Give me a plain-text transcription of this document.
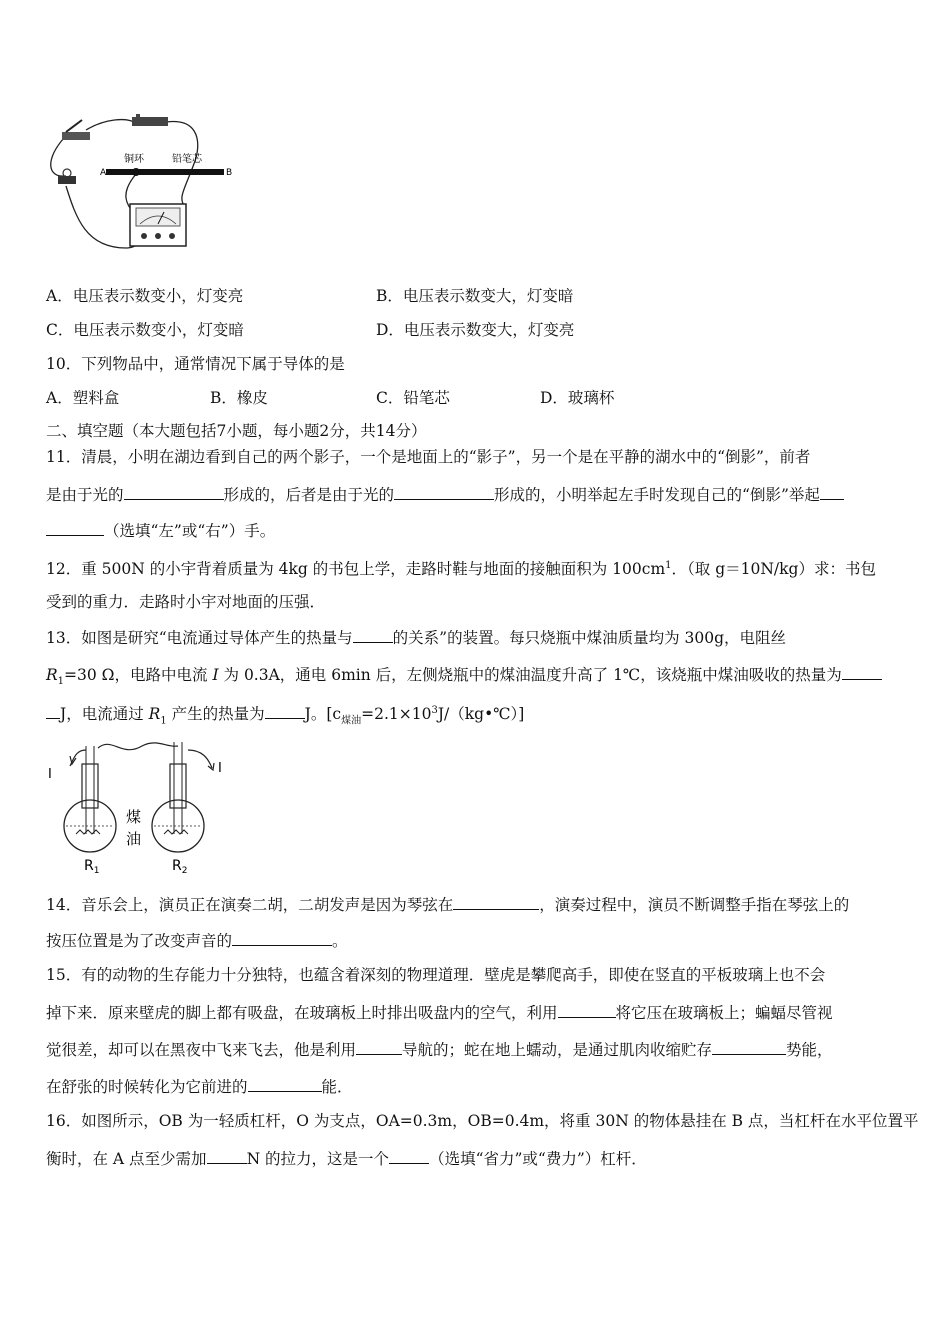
A	B
铜环	铅笔芯
A．电压表示数变小，灯变亮	B．电压表示数变大，灯变暗
C．电压表示数变小，灯变暗	D．电压表示数变大，灯变亮
10．下列物品中，通常情况下属于导体的是
A．塑料盒	B．橡皮	C．铅笔芯	D．玻璃杯
二、填空题（本大题包括7小题，每小题2分，共14分）
11．清晨，小明在湖边看到自己的两个影子，一个是地面上的“影子”，另一个是在平静的湖水中的“倒影”，前者
是由于光的	形成的，后者是由于光的	形成的，小明举起左手时发现自己的“倒影”举起
（选填“左”或“右”）手。
12．重 500N 的小宇背着质量为 4kg 的书包上学，走路时鞋与地面的接触面积为 $100cm^1$．（取 g＝10N/kg）求：书包
受到的重力．走路时小宇对地面的压强．
13．如图是研究“电流通过导体产生的热量与	的关系”的装置。每只烧瓶中煤油质量均为 300g，电阻丝
$R_1=30$ Ω，电路中电流 I 为 0.3A，通电 6min 后，左侧烧瓶中的煤油温度升高了 1℃，该烧瓶中煤油吸收的热量为
J，电流通过 $R_1$ 产生的热量为	J。$[c_{煤油}=2.1\times 10^3J/(kg•℃)]$
I	I
煤
油
$R_1$	$R_2$
14．音乐会上，演员正在演奏二胡，二胡发声是因为琴弦在	，演奏过程中，演员不断调整手指在琴弦上的
按压位置是为了改变声音的	。
15．有的动物的生存能力十分独特，也蕴含着深刻的物理道理．壁虎是攀爬高手，即使在竖直的平板玻璃上也不会
掉下来．原来壁虎的脚上都有吸盘，在玻璃板上时排出吸盘内的空气，利用	将它压在玻璃板上；蝙蝠尽管视
觉很差，却可以在黑夜中飞来飞去，他是利用	导航的；蛇在地上蠕动，是通过肌肉收缩贮存	势能，
在舒张的时候转化为它前进的	能．
16．如图所示，OB 为一轻质杠杆，O 为支点，OA=0.3m，OB=0.4m，将重 30N 的物体悬挂在 B 点，当杠杆在水平位置平
衡时，在 A 点至少需加	N 的拉力，这是一个	（选填“省力”或“费力”）杠杆．
